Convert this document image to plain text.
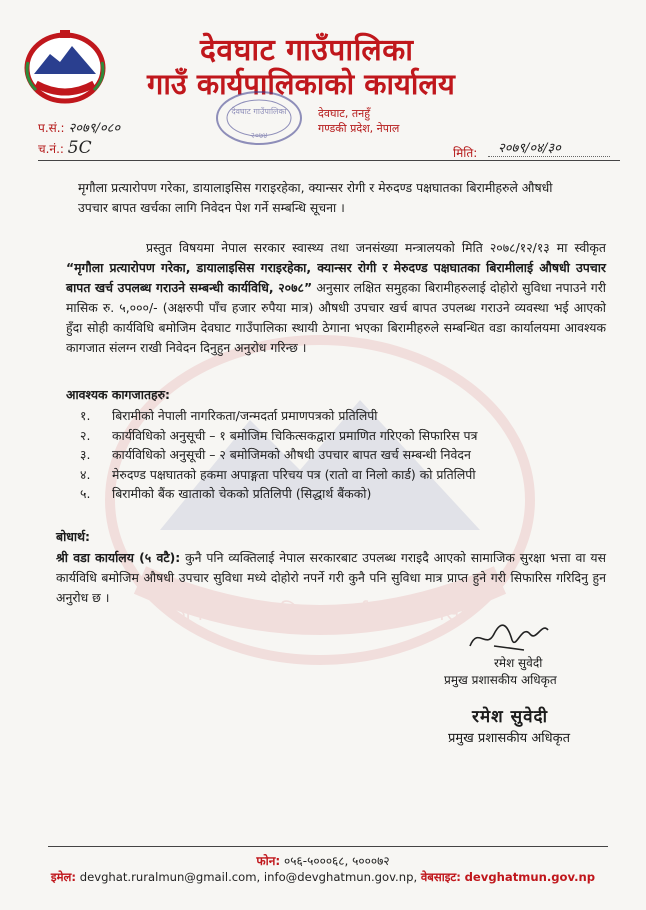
जननी जन्मभूमिश्च स्वर्गादपि गरीयसी
देवघाट गाउँपालिका
गाउँ कार्यपालिकाको कार्यालय
देवघाट गाउँपालिका
२०७४
देवघाट, तनहुँ
गण्डकी प्रदेश, नेपाल
प.सं.: २०७९/०८०
च.नं.: 5C	मिति: २०७९/०४/३०
मृगौला प्रत्यारोपण गरेका, डायालाइसिस गराइरहेका, क्यान्सर रोगी र मेरुदण्ड पक्षघातका बिरामीहरुले औषधी उपचार बापत खर्चका लागि निवेदन पेश गर्ने सम्बन्धि सूचना ।
प्रस्तुत विषयमा नेपाल सरकार स्वास्थ्य तथा जनसंख्या मन्त्रालयको मिति २०७८/१२/१३ मा स्वीकृत “मृगौला प्रत्यारोपण गरेका, डायालाइसिस गराइरहेका, क्यान्सर रोगी र मेरुदण्ड पक्षघातका बिरामीलाई औषधी उपचार बापत खर्च उपलब्ध गराउने सम्बन्धी कार्यविधि, २०७८” अनुसार लक्षित समुहका बिरामीहरुलाई दोहोरो सुविधा नपाउने गरी मासिक रु. ५,०००/- (अक्षरुपी पाँच हजार रुपैया मात्र) औषधी उपचार खर्च बापत उपलब्ध गराउने व्यवस्था भई आएको हुँदा सोही कार्यविधि बमोजिम देवघाट गाउँपालिका स्थायी ठेगाना भएका बिरामीहरुले सम्बन्धित वडा कार्यालयमा आवश्यक कागजात संलग्न राखी निवेदन दिनुहुन अनुरोध गरिन्छ ।
आवश्यक कागजातहरु:
१. बिरामीको नेपाली नागरिकता/जन्मदर्ता प्रमाणपत्रको प्रतिलिपी
२. कार्यविधिको अनुसूची – १ बमोजिम चिकित्सकद्वारा प्रमाणित गरिएको सिफारिस पत्र
३. कार्यविधिको अनुसूची – २ बमोजिमको औषधी उपचार बापत खर्च सम्बन्धी निवेदन
४. मेरुदण्ड पक्षघातको हकमा अपाङ्गता परिचय पत्र (रातो वा निलो कार्ड) को प्रतिलिपी
५. बिरामीको बैंक खाताको चेकको प्रतिलिपी (सिद्धार्थ बैंकको)
बोधार्थ:
श्री वडा कार्यालय (५ वटै): कुनै पनि व्यक्तिलाई नेपाल सरकारबाट उपलब्ध गराइदै आएको सामाजिक सुरक्षा भत्ता वा यस कार्यविधि बमोजिम औषधी उपचार सुविधा मध्ये दोहोरो नपर्ने गरी कुनै पनि सुविधा मात्र प्राप्त हुने गरी सिफारिस गरिदिनु हुन अनुरोध छ ।
रमेश सुवेदी
प्रमुख प्रशासकीय अधिकृत
रमेश सुवेदी
प्रमुख प्रशासकीय अधिकृत
फोन: ०५६-५०००६८, ५०००७२
इमेल: devghat.ruralmun@gmail.com, info@devghatmun.gov.np, वेबसाइट: devghatmun.gov.np
